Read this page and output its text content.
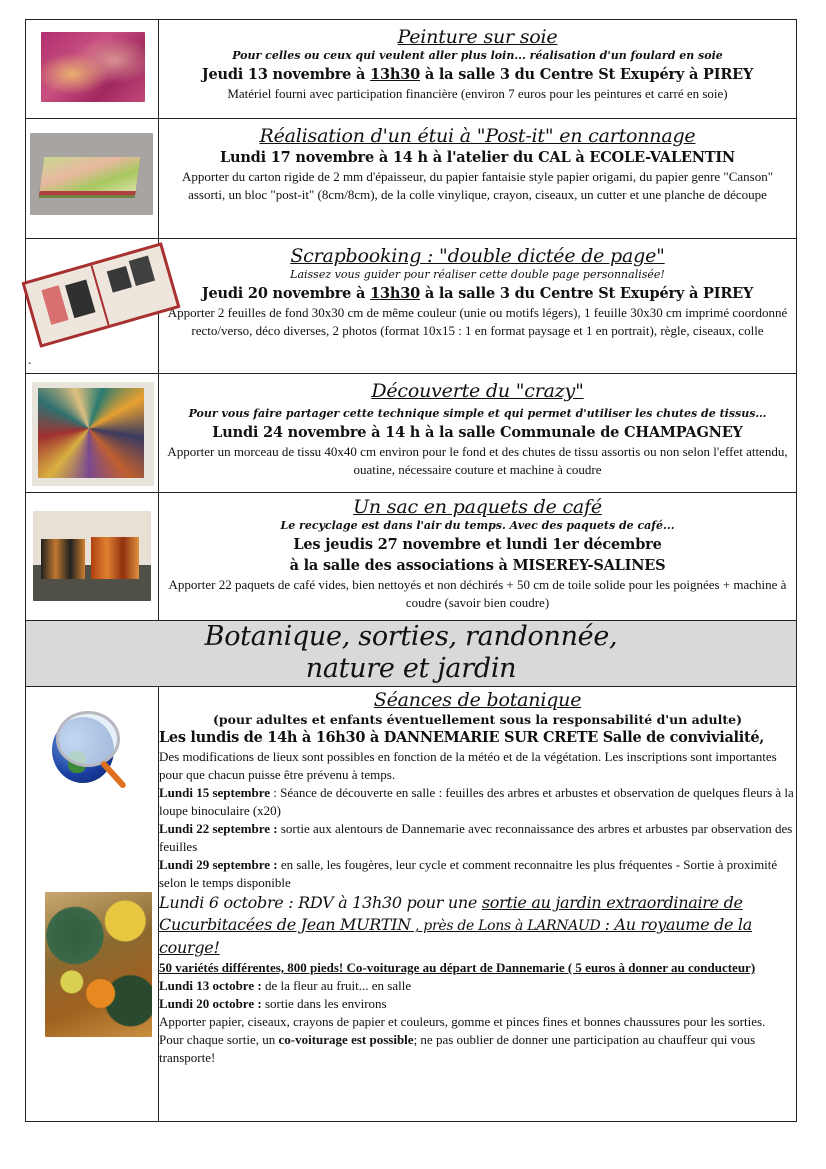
	Peinture sur soie
Pour celles ou ceux qui veulent aller plus loin... réalisation d'un foulard en soie
Jeudi 13 novembre à 13h30 à la salle 3 du Centre St Exupéry à PIREY
Matériel fourni avec participation financière (environ 7 euros pour les peintures et carré en soie)

	Réalisation d'un étui à "Post-it" en cartonnage
Lundi 17 novembre à 14 h à l'atelier du CAL à ECOLE-VALENTIN
Apporter du carton rigide de 2 mm d'épaisseur, du papier fantaisie style papier origami, du papier genre "Canson" assorti, un bloc "post-it" (8cm/8cm), de la colle vinylique, crayon, ciseaux, un cutter et une planche de découpe

-	Scrapbooking : "double dictée de page"
Laissez vous guider pour réaliser cette double page personnalisée!
Jeudi 20 novembre à 13h30 à la salle 3 du Centre St Exupéry à PIREY
Apporter 2 feuilles de fond 30x30 cm de même couleur (unie ou motifs légers), 1 feuille 30x30 cm imprimé coordonné recto/verso, déco diverses, 2 photos (format 10x15 : 1 en format paysage et 1 en portrait), règle, ciseaux, colle

	Découverte du "crazy"
Pour vous faire partager cette technique simple et qui permet d'utiliser les chutes de tissus…
Lundi 24 novembre à 14 h à la salle Communale de CHAMPAGNEY
Apporter un morceau de tissu 40x40 cm environ pour le fond et des chutes de tissu assortis ou non selon l'effet attendu, ouatine, nécessaire couture et machine à coudre

	Un sac en paquets de café
Le recyclage est dans l'air du temps. Avec des paquets de café...
Les jeudis 27 novembre et lundi 1er décembre
à la salle des associations à MISEREY-SALINES
Apporter 22 paquets de café vides, bien nettoyés et non déchirés + 50 cm de toile solide pour les poignées + machine à coudre (savoir bien coudre)

Botanique, sorties, randonnée,
nature et jardin	

Séances de botanique
(pour adultes et enfants éventuellement sous la responsabilité d'un adulte)
Les lundis de 14h à 16h30 à DANNEMARIE SUR CRETE Salle de convivialité,

Des modifications de lieux sont possibles en fonction de la météo et de la végétation. Les inscriptions sont importantes pour que chacun puisse être prévenu à temps.

Lundi 15 septembre : Séance de découverte en salle : feuilles des arbres et arbustes et observation de quelques fleurs à la loupe binoculaire (x20)

Lundi 22 septembre : sortie aux alentours de Dannemarie avec reconnaissance des arbres et arbustes par observation des feuilles

Lundi 29 septembre : en salle, les fougères, leur cycle et comment reconnaitre les plus fréquentes - Sortie à proximité selon le temps disponible

Lundi 6 octobre : RDV à 13h30 pour une sortie au jardin extraordinaire de Cucurbitacées de Jean MURTIN , près de Lons à LARNAUD : Au royaume de la courge!
50 variétés différentes, 800 pieds! Co-voiturage au départ de Dannemarie ( 5 euros à donner au conducteur)

Lundi 13 octobre : de la fleur au fruit... en salle

Lundi 20 octobre : sortie dans les environs

Apporter papier, ciseaux, crayons de papier et couleurs, gomme et pinces fines et bonnes chaussures pour les sorties.

Pour chaque sortie, un co-voiturage est possible; ne pas oublier de donner une participation au chauffeur qui vous transporte!
